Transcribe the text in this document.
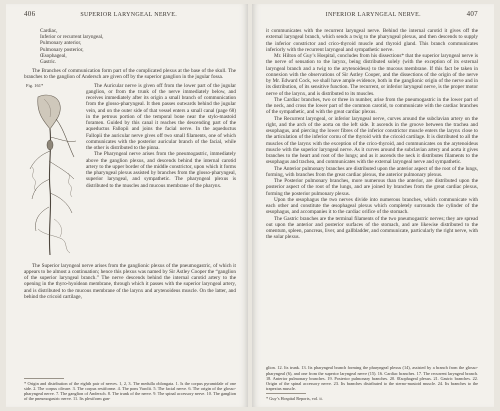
406	SUPERIOR LARYNGEAL NERVE.
Cardiac,
Inferior or recurrent laryngeal,
Pulmonary anterior,
Pulmonary posterior,
Œsophageal,
Gastric.

The Branches of communication form part of the complicated plexus at the base of the skull. The branches to the ganglion of Andersch are given off by the superior ganglion in the jugular fossa.

Fig. 161*	The Auricular nerve is given off from the lower part of the jugular ganglion, or from the trunk of the nerve immediately below, and receives immediately after its origin a small branch of communication from the glosso-pharyngeal. It then passes outwards behind the jugular vein, and on the outer side of that vessel enters a small canal (page 68) in the petrous portion of the temporal bone near the stylo-mastoid foramen. Guided by this canal it reaches the descending part of the aqueductus Fallopii and joins the facial nerve. In the aqueductus Fallopii the auricular nerve gives off two small filaments, one of which communicates with the posterior auricular branch of the facial, while the other is distributed to the pinna.

The Pharyngeal nerve arises from the pneumogastric, immediately above the ganglion plexus, and descends behind the internal carotid artery to the upper border of the middle constrictor, upon which it forms the pharyngeal plexus assisted by branches from the glosso-pharyngeal, superior laryngeal, and sympathetic. The pharyngeal plexus is distributed to the muscles and mucous membrane of the pharynx.

The Superior laryngeal nerve arises from the ganglionic plexus of the pneumogastric, of which it appears to be almost a continuation; hence this plexus was named by Sir Astley Cooper the “ganglion of the superior laryngeal branch.” The nerve descends behind the internal carotid artery to the opening in the thyro-hyoidean membrane, through which it passes with the superior laryngeal artery, and is distributed to the mucous membrane of the larynx and arytenoideus muscle. On the latter, and behind the cricoid cartilage,

* Origin and distribution of the eighth pair of nerves. 1, 2, 3. The medulla oblongata. 1. Is the corpus pyramidale of one side. 2. The corpus olivare. 3. The corpus restiforme. 4. The pons Varolii. 5. The facial nerve. 6. The origin of the glosso-pharyngeal nerve. 7. The ganglion of Andersch. 8. The trunk of the nerve. 9. The spinal accessory nerve. 10. The ganglion of the pneumogastric nerve. 11. Its plexiform gan-
INFERIOR LARYNGEAL NERVE.	407

it communicates with the recurrent laryngeal nerve. Behind the internal carotid it gives off the external laryngeal branch, which sends a twig to the pharyngeal plexus, and then descends to supply the inferior constrictor and crico-thyroid muscle and thyroid gland. This branch communicates inferiorly with the recurrent laryngeal and sympathetic nerve.

Mr. Hilton of Guy’s Hospital, concludes from his dissections* that the superior laryngeal nerve is the nerve of sensation to the larynx, being distributed solely (with the exception of its external laryngeal branch and a twig to the arytenoideus) to the mucous membrane. If this fact be taken in connexion with the observations of Sir Astley Cooper, and the dissections of the origin of the nerve by Mr. Edward Cock, we shall have ample evidence, both in the ganglionic origin of the nerve and in its distribution, of its sensitive function. The recurrent, or inferior laryngeal nerve, is the proper motor nerve of the larynx, and is distributed to its muscles.

The Cardiac branches, two or three in number, arise from the pneumogastric in the lower part of the neck, and cross the lower part of the common carotid, to communicate with the cardiac branches of the sympathetic, and with the great cardiac plexus.

The Recurrent laryngeal, or inferior laryngeal nerve, curves around the subclavian artery on the right, and the arch of the aorta on the left side. It ascends in the groove between the trachea and œsophagus, and piercing the lower fibres of the inferior constrictor muscle enters the larynx close to the articulation of the inferior cornu of the thyroid with the cricoid cartilage. It is distributed to all the muscles of the larynx with the exception of the crico-thyroid, and communicates on the arytenoideus muscle with the superior laryngeal nerve. As it curves around the subclavian artery and aorta it gives branches to the heart and root of the lungs; and as it ascends the neck it distributes filaments to the œsophagus and trachea, and communicates with the external laryngeal nerve and sympathetic.

The Anterior pulmonary branches are distributed upon the anterior aspect of the root of the lungs, forming, with branches from the great cardiac plexus, the anterior pulmonary plexus.

The Posterior pulmonary branches, more numerous than the anterior, are distributed upon the posterior aspect of the root of the lungs, and are joined by branches from the great cardiac plexus, forming the posterior pulmonary plexus.

Upon the œsophagus the two nerves divide into numerous branches, which communicate with each other and constitute the œsophageal plexus which completely surrounds the cylinder of the œsophagus, and accompanies it to the cardiac orifice of the stomach.

The Gastric branches are the terminal filaments of the two pneumogastric nerves; they are spread out upon the anterior and posterior surfaces of the stomach, and are likewise distributed to the omentum, spleen, pancreas, liver, and gallbladder, and communicate, particularly the right nerve, with the solar plexus.

glion. 12. Its trunk. 13. Its pharyngeal branch forming the pharyngeal plexus (14), assisted by a branch from the glosso-pharyngeal (6), and one from the superior laryngeal nerve (15). 16. Cardiac branches. 17. The recurrent laryngeal branch. 18. Anterior pulmonary branches. 19. Posterior pulmonary branches. 20. Œsophageal plexus. 21. Gastric branches. 22. Origin of the spinal accessory nerve. 23. Its branches distributed to the sterno-mastoid muscle. 24. Its branches to the trapezius muscle.
* Guy’s Hospital Reports, vol. ii.
